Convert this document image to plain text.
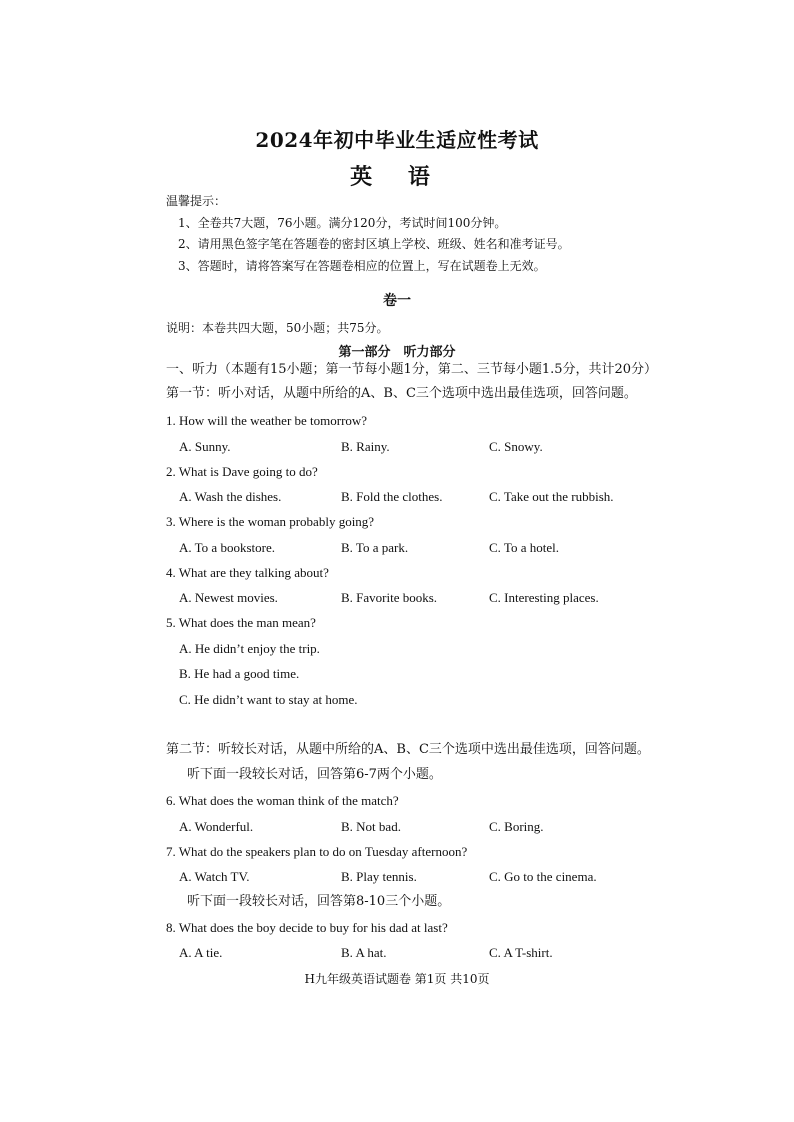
2024年初中毕业生适应性考试
英 语
温馨提示：
1、全卷共7大题，76小题。满分120分，考试时间100分钟。
2、请用黑色签字笔在答题卷的密封区填上学校、班级、姓名和准考证号。
3、答题时，请将答案写在答题卷相应的位置上，写在试题卷上无效。
卷一
说明：本卷共四大题，50小题；共75分。
第一部分　听力部分
一、听力（本题有15小题；第一节每小题1分，第二、三节每小题1.5分，共计20分）
第一节：听小对话，从题中所给的A、B、C三个选项中选出最佳选项，回答问题。
1. How will the weather be tomorrow?
A. Sunny.	B. Rainy.	C. Snowy.
2. What is Dave going to do?
A. Wash the dishes.	B. Fold the clothes.	C. Take out the rubbish.
3. Where is the woman probably going?
A. To a bookstore.	B. To a park.	C. To a hotel.
4. What are they talking about?
A. Newest movies.	B. Favorite books.	C. Interesting places.
5. What does the man mean?
A. He didn’t enjoy the trip.
B. He had a good time.
C. He didn’t want to stay at home.
第二节：听较长对话，从题中所给的A、B、C三个选项中选出最佳选项，回答问题。
听下面一段较长对话，回答第6-7两个小题。
6. What does the woman think of the match?
A. Wonderful.	B. Not bad.	C. Boring.
7. What do the speakers plan to do on Tuesday afternoon?
A. Watch TV.	B. Play tennis.	C. Go to the cinema.
听下面一段较长对话，回答第8-10三个小题。
8. What does the boy decide to buy for his dad at last?
A. A tie.	B. A hat.	C. A T-shirt.
H九年级英语试题卷 第1页 共10页
